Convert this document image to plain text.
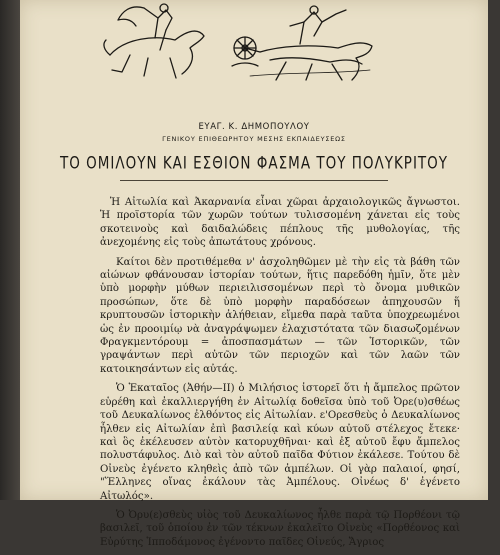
ΕΥΑΓ. Κ. ΔΗΜΟΠΟΥΛΟΥ
ΓΕΝΙΚΟΥ ΕΠΙΘΕΩΡΗΤΟΥ ΜΕΣΗΣ ΕΚΠΑΙΔΕΥΣΕΩΣ
ΤΟ ΟΜΙΛΟΥΝ ΚΑΙ ΕΣΘΙΟΝ ΦΑΣΜΑ ΤΟΥ ΠΟΛΥΚΡΙΤΟΥ

Ἡ Αἰτωλία καὶ Ἀκαρνανία εἶναι χῶραι ἀρχαιολογικῶς ἄγνωστοι. Ἡ προϊστορία τῶν χωρῶν τούτων τυλισσομένη χάνεται εἰς τοὺς σκοτεινοὺς καὶ δαιδαλώδεις πέπλους τῆς μυθολογίας, τῆς ἀνεχομένης εἰς τοὺς ἀπωτάτους χρόνους.

Καίτοι δὲν προτιθέμεθα ν' ἀσχοληθῶμεν μὲ τὴν εἰς τὰ βάθη τῶν αἰώνων φθάνουσαν ἱστορίαν τούτων, ἥτις παρεδόθη ἡμῖν, ὅτε μὲν ὑπὸ μορφὴν μύθων περιειλισσομένων περὶ τὸ ὄνομα μυθικῶν προσώπων, ὅτε δὲ ὑπὸ μορφὴν παραδόσεων ἀπηχουσῶν ἥ κρυπτουσῶν ἱστορικὴν ἀλήθειαν, εἴμεθα παρὰ ταῦτα ὑποχρεωμένοι ὡς ἐν προοιμίῳ νὰ ἀναγράψωμεν ἐλαχιστότατα τῶν διασωζομένων Φραγκμεντόρουμ = ἀποσπασμάτων — τῶν Ἱστορικῶν, τῶν γραψάντων περὶ αὐτῶν τῶν περιοχῶν καὶ τῶν λαῶν τῶν κατοικησάντων εἰς αὐτάς.

Ὁ Ἑκαταῖος (Ἀθήν—ΙΙ) ὁ Μιλήσιος ἱστορεῖ ὅτι ἡ ἄμπελος πρῶτον εὑρέθη καὶ ἐκαλλιεργήθη ἐν Αἰτωλίᾳ δοθεῖσα ὑπὸ τοῦ Ὀρε(υ)σθέως τοῦ Δευκαλίωνος ἐλθόντος εἰς Αἰτωλίαν. ε'Ορεσθεὺς ὁ Δευκαλίωνος ἦλθεν εἰς Αἰτωλίαν ἐπὶ βασιλείᾳ καὶ κύων αὐτοῦ στέλεχος ἔτεκε· καὶ ὃς ἐκέλευσεν αὐτὸν κατορυχθῆναι· καὶ ἐξ αὐτοῦ ἔφυ ἄμπελος πολυστάφυλος. Διὸ καὶ τὸν αὐτοῦ παῖδα Φύτιον ἐκάλεσε. Τούτου δὲ Οἰνεὺς ἐγένετο κληθεὶς ἀπὸ τῶν ἀμπέλων. Οἱ γὰρ παλαιοί, φησί, "Ἕλληνες οἴνας ἐκάλουν τὰς Ἀμπέλους. Οἰνέως δ' ἐγένετο Αἰτωλός».

Ὁ Ὀρυ(ε)σθεὺς υἱὸς τοῦ Δευκαλίωνος ἦλθε παρὰ τῷ Πορθέονι τῷ βασιλεῖ, τοῦ ὁποίου ἐν τῶν τέκνων ἐκαλεῖτο Οἰνεὺς «Πορθέονος καὶ Εὐρύτης Ἱπποδάμονος ἐγένοντο παῖδες Οἰνεύς, Ἄγριος
